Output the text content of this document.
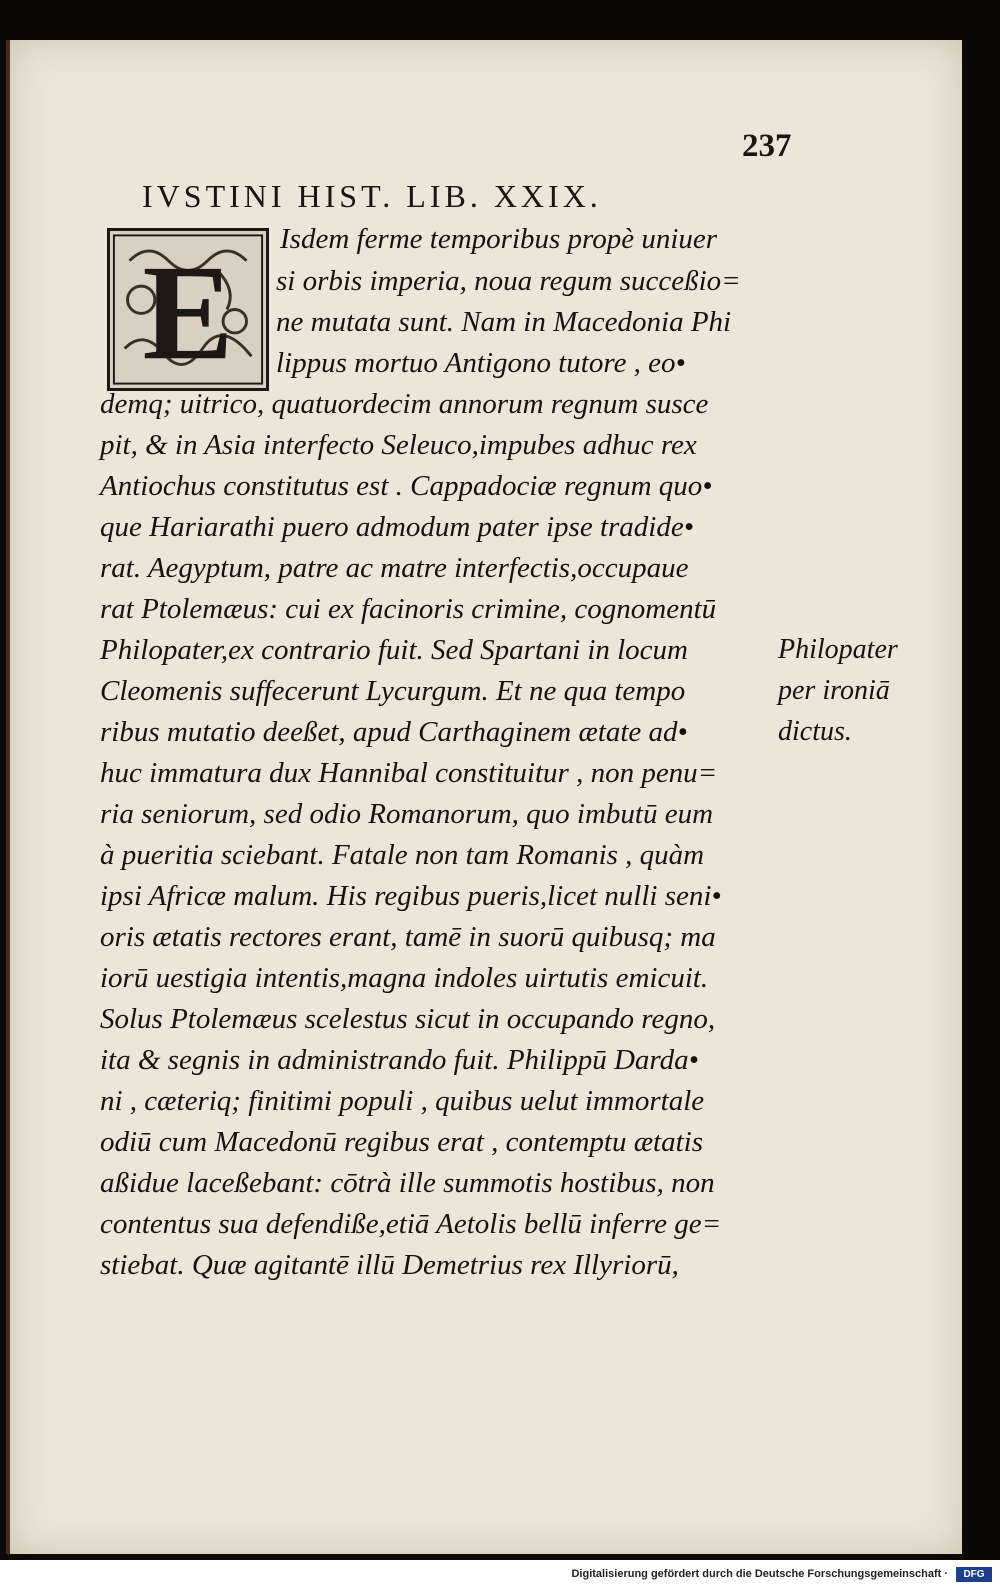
237
IVSTINI HIST. LIB. XXIX.
E Isdem ferme temporibus propè uniuer
si orbis imperia, noua regum succeßio=
ne mutata sunt. Nam in Macedonia Phi
lippus mortuo Antigono tutore , eo•
demq; uitrico, quatuordecim annorum regnum susce
pit, & in Asia interfecto Seleuco,impubes adhuc rex
Antiochus constitutus est . Cappadociæ regnum quo•
que Hariarathi puero admodum pater ipse tradide•
rat. Aegyptum, patre ac matre interfectis,occupaue
rat Ptolemæus: cui ex facinoris crimine, cognomentū
Philopater,ex contrario fuit. Sed Spartani in locum
Cleomenis suffecerunt Lycurgum. Et ne qua tempo
ribus mutatio deeßet, apud Carthaginem ætate ad•
huc immatura dux Hannibal constituitur , non penu=
ria seniorum, sed odio Romanorum, quo imbutū eum
à pueritia sciebant. Fatale non tam Romanis , quàm
ipsi Africæ malum. His regibus pueris,licet nulli seni•
oris ætatis rectores erant, tamē in suorū quibusq; ma
iorū uestigia intentis,magna indoles uirtutis emicuit.
Solus Ptolemæus scelestus sicut in occupando regno,
ita & segnis in administrando fuit. Philippū Darda•
ni , cæteriq; finitimi populi , quibus uelut immortale
odiū cum Macedonū regibus erat , contemptu ætatis
aßidue laceßebant: cōtrà ille summotis hostibus, non
contentus sua defendiße,etiā Aetolis bellū inferre ge=
stiebat. Quæ agitantē illū Demetrius rex Illyriorū,
Philopater
per ironiā
dictus.
Digitalisierung gefördert durch die Deutsche Forschungsgemeinschaft ·	DFG
